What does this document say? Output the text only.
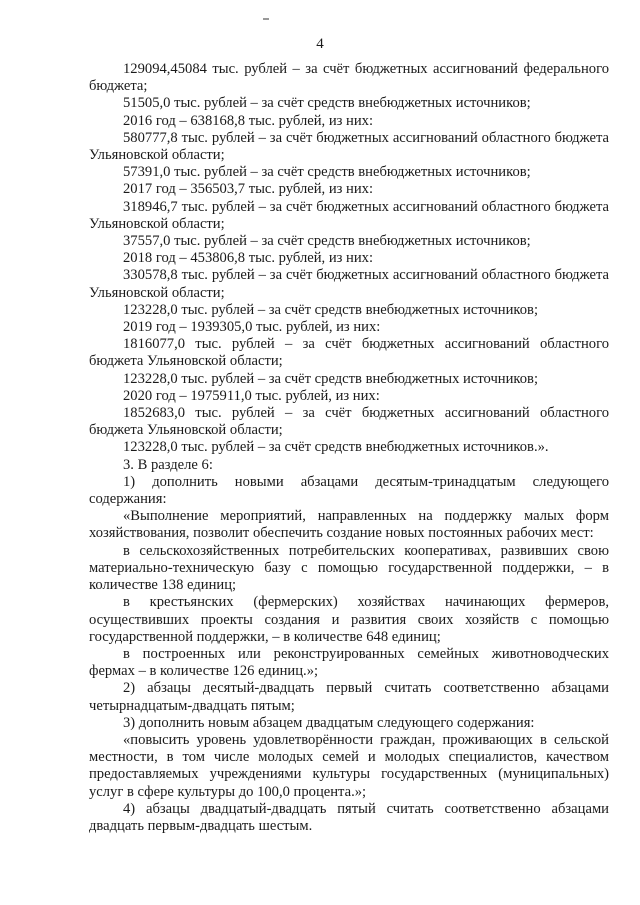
4

129094,45084 тыс. рублей – за счёт бюджетных ассигнований федерального бюджета;

51505,0 тыс. рублей – за счёт средств внебюджетных источников;

2016 год – 638168,8 тыс. рублей, из них:

580777,8 тыс. рублей – за счёт бюджетных ассигнований областного бюджета Ульяновской области;

57391,0 тыс. рублей – за счёт средств внебюджетных источников;

2017 год – 356503,7 тыс. рублей, из них:

318946,7 тыс. рублей – за счёт бюджетных ассигнований областного бюджета Ульяновской области;

37557,0 тыс. рублей – за счёт средств внебюджетных источников;

2018 год – 453806,8 тыс. рублей, из них:

330578,8 тыс. рублей – за счёт бюджетных ассигнований областного бюджета Ульяновской области;

123228,0 тыс. рублей – за счёт средств внебюджетных источников;

2019 год – 1939305,0 тыс. рублей, из них:

1816077,0 тыс. рублей – за счёт бюджетных ассигнований областного бюджета Ульяновской области;

123228,0 тыс. рублей – за счёт средств внебюджетных источников;

2020 год – 1975911,0 тыс. рублей, из них:

1852683,0 тыс. рублей – за счёт бюджетных ассигнований областного бюджета Ульяновской области;

123228,0 тыс. рублей – за счёт средств внебюджетных источников.».

3. В разделе 6:

1) дополнить новыми абзацами десятым-тринадцатым следующего содержания:

«Выполнение мероприятий, направленных на поддержку малых форм хозяйствования, позволит обеспечить создание новых постоянных рабочих мест:

в сельскохозяйственных потребительских кооперативах, развивших свою материально-техническую базу с помощью государственной поддержки, – в количестве 138 единиц;

в крестьянских (фермерских) хозяйствах начинающих фермеров, осуществивших проекты создания и развития своих хозяйств с помощью государственной поддержки, – в количестве 648 единиц;

в построенных или реконструированных семейных животноводческих фермах – в количестве 126 единиц.»;

2) абзацы десятый-двадцать первый считать соответственно абзацами четырнадцатым-двадцать пятым;

3) дополнить новым абзацем двадцатым следующего содержания:

«повысить уровень удовлетворённости граждан, проживающих в сельской местности, в том числе молодых семей и молодых специалистов, качеством предоставляемых учреждениями культуры государственных (муниципальных) услуг в сфере культуры до 100,0 процента.»;

4) абзацы двадцатый-двадцать пятый считать соответственно абзацами двадцать первым-двадцать шестым.
